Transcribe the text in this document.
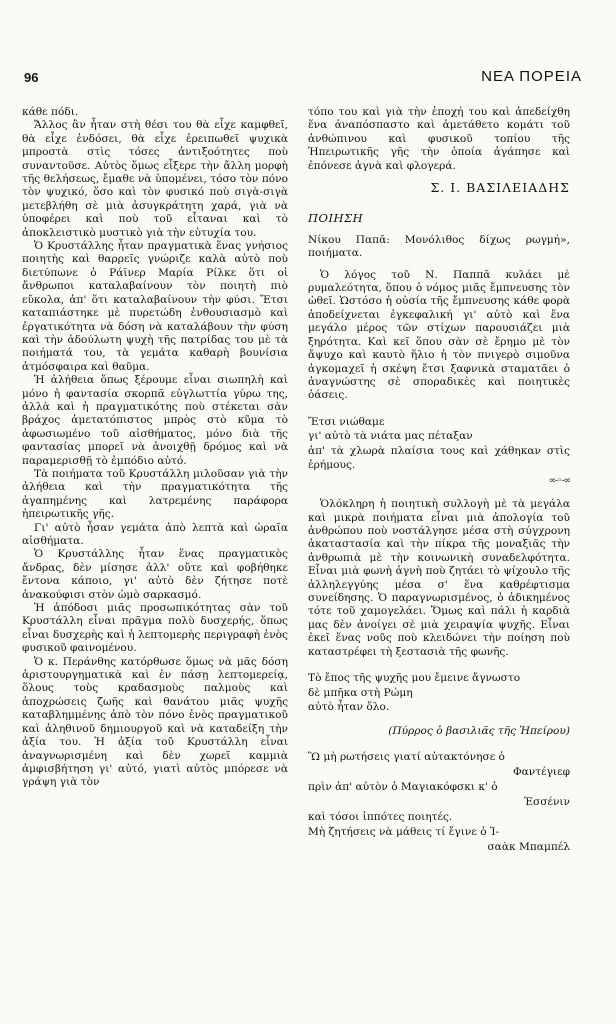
96	ΝΕΑ ΠΟΡΕΙΑ

κάθε πόδι.

Ἄλλος ἂν ἦταν στὴ θέσι του θὰ εἶχε καμφθεῖ, θὰ εἶχε ἐνδόσει, θὰ εἶχε ἐρειπωθεῖ ψυχικὰ μπροστὰ στὶς τόσες ἀντιξοότητες ποὺ συναντοῦσε. Αὐτὸς ὅμως εἶξερε τὴν ἄλλη μορφὴ τῆς θελήσεως, ἔμαθε νὰ ὑπομένει, τόσο τὸν πόνο τὸν ψυχικό, ὅσο καὶ τὸν φυσικό ποὺ σιγὰ-σιγὰ μετεβλήθη σὲ μιὰ ἀσυγκράτητη χαρά, γιὰ νὰ ὑποφέρει καὶ ποὺ τοῦ εἶταναι καὶ τὸ ἀποκλειστικὸ μυστικὸ γιὰ τὴν εὐτυχία του.

Ὁ Κρυστάλλης ἦταν πραγματικὰ ἕνας γνήσιος ποιητὴς καὶ θαρρεῖς γνώριζε καλὰ αὐτὸ ποὺ διετύπωνε ὁ Ράϊνερ Μαρία Ρίλκε ὅτι οἱ ἄνθρωποι καταλαβαίνουν τὸν ποιητὴ πιὸ εὔκολα, ἀπ' ὅτι καταλαβαίνουν τὴν φύσι. Ἔτσι καταπιάστηκε μὲ πυρετώδη ἐνθουσιασμὸ καὶ ἐργατικότητα νὰ δόση νὰ καταλάβουν τὴν φύση καὶ τὴν ἀδούλωτη ψυχὴ τῆς πατρίδας του μὲ τὰ ποιήματά του, τὰ γεμάτα καθαρὴ βουνίσια ἀτμόσφαιρα καὶ θαῦμα.

Ἡ ἀλήθεια ὅπως ξέρουμε εἶναι σιωπηλὴ καὶ μόνο ἡ φαντασία σκορπᾶ εὐγλωττία γύρω της, ἀλλὰ καὶ ἡ πραγματικότης ποὺ στέκεται σὰν βράχος ἀμετατόπιστος μπρὸς στὸ κῦμα τὸ ἀφωσιωμένο τοῦ αἰσθήματος, μόνο διὰ τῆς φαντασίας μπορεῖ νὰ ἀνοιχθῇ δρόμος καὶ νὰ παραμερισθῇ τὸ ἐμπόδιο αὐτό.

Τὰ ποιήματα τοῦ Κρυστάλλη μιλοῦσαν γιὰ τὴν ἀλήθεια καὶ τὴν πραγματικότητα τῆς ἀγαπημένης καὶ λατρεμένης παράφορα ἠπειρωτικῆς γῆς.

Γι' αὐτὸ ἦσαν γεμάτα ἀπὸ λεπτὰ καὶ ὡραῖα αἰσθήματα.

Ὁ Κρυστάλλης ἦταν ἕνας πραγματικὸς ἄνδρας, δὲν μίσησε ἀλλ' οὔτε καὶ φοβήθηκε ἔντονα κάποιο, γι' αὐτὸ δὲν ζήτησε ποτὲ ἀνακούφισι στὸν ὠμὸ σαρκασμό.

Ἡ ἀπόδοσι μιᾶς προσωπικότητας σὰν τοῦ Κρυστάλλη εἶναι πρᾶγμα πολὺ δυσχερής, ὅπως εἶναι δυσχερὴς καὶ ἡ λεπτομερὴς περιγραφὴ ἑνὸς φυσικοῦ φαινομένου.

Ὁ κ. Περάνθης κατόρθωσε ὅμως νὰ μᾶς δόση ἀριστουργηματικὰ καὶ ἐν πάσῃ λεπτομερείᾳ, ὅλους τοὺς κραδασμοὺς παλμοὺς καὶ ἀποχρώσεις ζωῆς καὶ θανάτου μιᾶς ψυχῆς καταβλημμένης ἀπὸ τὸν πόνο ἑνὸς πραγματικοῦ καὶ ἀληθινοῦ δημιουργοῦ καὶ νὰ καταδείξη τὴν ἀξία του. Ἡ ἀξία τοῦ Κρυστάλλη εἶναι ἀναγνωρισμένη καὶ δὲν χωρεῖ καμμιὰ ἀμφισβήτηση γι' αὐτό, γιατὶ αὐτὸς μπόρεσε νὰ γράψη γιὰ τὸν

τόπο του καὶ γιὰ τὴν ἐποχή του καὶ ἀπεδείχθη ἕνα ἀναπόσπαστο καὶ ἀμετάθετο κομάτι τοῦ ἀνθώπινου καὶ φυσικοῦ τοπίου τῆς Ἠπειρωτικῆς γῆς τὴν ὁποία ἀγάπησε καὶ ἐπόνεσε ἁγνὰ καὶ φλογερά.

Σ. Ι. ΒΑΣΙΛΕΙΑΔΗΣ
ΠΟΙΗΣΗ

Νίκου Παπᾶ: Μονόλιθος δίχως ρωγμή», ποιήματα.

Ὁ λόγος τοῦ Ν. Παππᾶ κυλάει μὲ ρυμαλεότητα, ὅπου ὁ νόμος μιᾶς ἔμπνευσης τὸν ὠθεῖ. Ὡστόσο ἡ οὐσία τῆς ἔμπνευσης κάθε φορὰ ἀποδείχνεται ἐγκεφαλική γι' αὐτὸ καὶ ἕνα μεγάλο μέρος τῶν στίχων παρουσιάζει μιὰ ξηρότητα. Καὶ κεῖ ὅπου σὰν σὲ ἔρημο μὲ τὸν ἄψυχο καὶ καυτὸ ἥλιο ἡ τὸν πνιγερὸ σιμοῦνα ἀγκομαχεῖ ἡ σκέψη ἔτσι ξαφνικὰ σταματᾶει ὁ ἀναγνώστης σὲ σποραδικὲς καὶ ποιητικὲς ὀάσεις.

Ἔτσι νιώθαμε
γι' αὐτὸ τὰ νιάτα μας πέταξαν
ἀπ' τὰ χλωρὰ πλαίσια τους καὶ χάθηκαν στὶς ἐρήμους.
∞-◦-∞

Ὁλόκληρη ἡ ποιητικὴ συλλογὴ μὲ τὰ μεγάλα καὶ μικρὰ ποιήματα εἶναι μιὰ ἀπολογία τοῦ ἀνθρώπου ποὺ νοστάλγησε μέσα στὴ σύγχρονη ἀκαταστασία καὶ τὴν πίκρα τῆς μοναξιᾶς τὴν ἀνθρωπιὰ μὲ τὴν κοινωνικὴ συναδελφότητα. Εἶναι μιὰ φωνὴ ἁγνὴ ποὺ ζητάει τὸ ψίχουλο τῆς ἀλληλεγγύης μέσα σ' ἕνα καθρέφτισμα συνείδησης. Ὁ παραγνωρισμένος, ὁ ἀδικημένος τότε τοῦ χαμογελάει. Ὅμως καὶ πάλι ἡ καρδιὰ μας δὲν ἀνοίγει σὲ μιὰ χειραψία ψυχῆς. Εἶναι ἐκεῖ ἕνας νοῦς ποὺ κλειδώνει τὴν ποίηση ποὺ καταστρέφει τὴ ξεστασιὰ τῆς φωνῆς.

Τὸ ἔπος τῆς ψυχῆς μου ἔμεινε ἄγνωστο
δὲ μπῆκα στὴ Ρώμη
αὐτὸ ἦταν ὅλο.
(Πύρρος ὁ βασιλιᾶς τῆς Ἠπείρου)
Ὢ μὴ ρωτήσεις γιατί αὐτακτόνησε ὁ
Φαντέγιεφ
πρὶν ἀπ' αὐτὸν ὁ Μαγιακόφσκι κ' ὁ
Ἐσσένιν
καὶ τόσοι ἱππότες ποιητές.
Μὴ ζητήσεις νὰ μάθεις τί ἔγινε ὁ Ἰ-
σαὰκ Μπαμπέλ
